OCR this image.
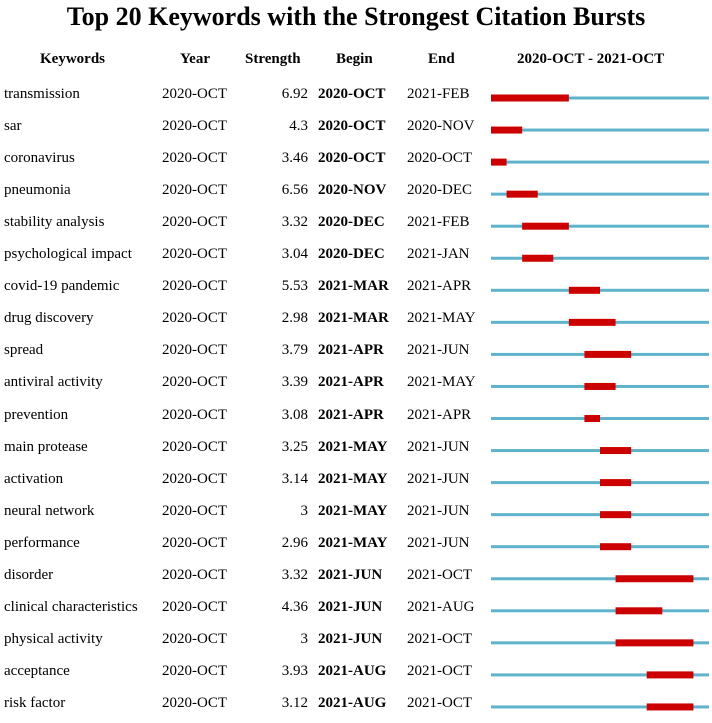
Top 20 Keywords with the Strongest Citation Bursts
Keywords	Year Strength Begin	End	2020-OCT - 2021-OCT
transmission	2020-OCT	6.92 2020-OCT 2021-FEB
sar	2020-OCT	4.3 2020-OCT 2020-NOV
coronavirus	2020-OCT	3.46 2020-OCT 2020-OCT
pneumonia	2020-OCT	6.56 2020-NOV 2020-DEC
stability analysis	2020-OCT	3.32 2020-DEC 2021-FEB
psychological impact 2020-OCT	3.04 2020-DEC 2021-JAN
covid-19 pandemic	2020-OCT	5.53 2021-MAR 2021-APR
drug discovery	2020-OCT	2.98 2021-MAR 2021-MAY
spread	2020-OCT	3.79 2021-APR 2021-JUN
antiviral activity	2020-OCT	3.39 2021-APR 2021-MAY
prevention	2020-OCT	3.08 2021-APR 2021-APR
main protease	2020-OCT	3.25 2021-MAY 2021-JUN
activation	2020-OCT	3.14 2021-MAY 2021-JUN
neural network	2020-OCT	3 2021-MAY 2021-JUN
performance	2020-OCT	2.96 2021-MAY 2021-JUN
disorder	2020-OCT	3.32 2021-JUN 2021-OCT
clinical characteristics 2020-OCT	4.36 2021-JUN 2021-AUG
physical activity	2020-OCT	3 2021-JUN 2021-OCT
acceptance	2020-OCT	3.93 2021-AUG 2021-OCT
risk factor	2020-OCT	3.12 2021-AUG 2021-OCT
